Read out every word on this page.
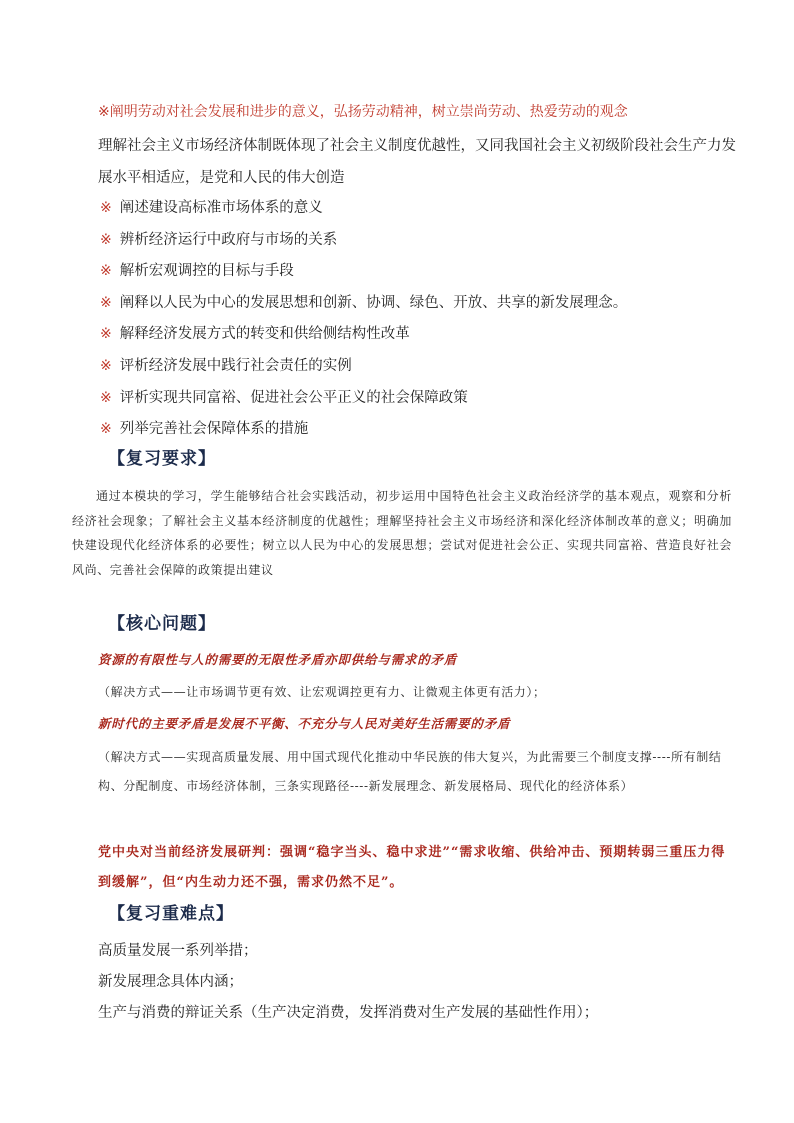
※阐明劳动对社会发展和进步的意义，弘扬劳动精神，树立崇尚劳动、热爱劳动的观念
理解社会主义市场经济体制既体现了社会主义制度优越性，又同我国社会主义初级阶段社会生产力发
展水平相适应，是党和人民的伟大创造
※ 阐述建设高标准市场体系的意义
※ 辨析经济运行中政府与市场的关系
※ 解析宏观调控的目标与手段
※ 阐释以人民为中心的发展思想和创新、协调、绿色、开放、共享的新发展理念。
※ 解释经济发展方式的转变和供给侧结构性改革
※ 评析经济发展中践行社会责任的实例
※ 评析实现共同富裕、促进社会公平正义的社会保障政策
※ 列举完善社会保障体系的措施
【复习要求】
通过本模块的学习，学生能够结合社会实践活动，初步运用中国特色社会主义政治经济学的基本观点，观察和分析经济社会现象；了解社会主义基本经济制度的优越性；理解坚持社会主义市场经济和深化经济体制改革的意义；明确加快建设现代化经济体系的必要性；树立以人民为中心的发展思想；尝试对促进社会公正、实现共同富裕、营造良好社会风尚、完善社会保障的政策提出建议
【核心问题】
资源的有限性与人的需要的无限性矛盾亦即供给与需求的矛盾
（解决方式——让市场调节更有效、让宏观调控更有力、让微观主体更有活力）；
新时代的主要矛盾是发展不平衡、不充分与人民对美好生活需要的矛盾
（解决方式——实现高质量发展、用中国式现代化推动中华民族的伟大复兴，为此需要三个制度支撑----所有制结构、分配制度、市场经济体制，三条实现路径----新发展理念、新发展格局、现代化的经济体系）
党中央对当前经济发展研判：强调“稳字当头、稳中求进”“需求收缩、供给冲击、预期转弱三重压力得到缓解”，但“内生动力还不强，需求仍然不足”。
【复习重难点】
高质量发展一系列举措；
新发展理念具体内涵；
生产与消费的辩证关系（生产决定消费，发挥消费对生产发展的基础性作用）；
